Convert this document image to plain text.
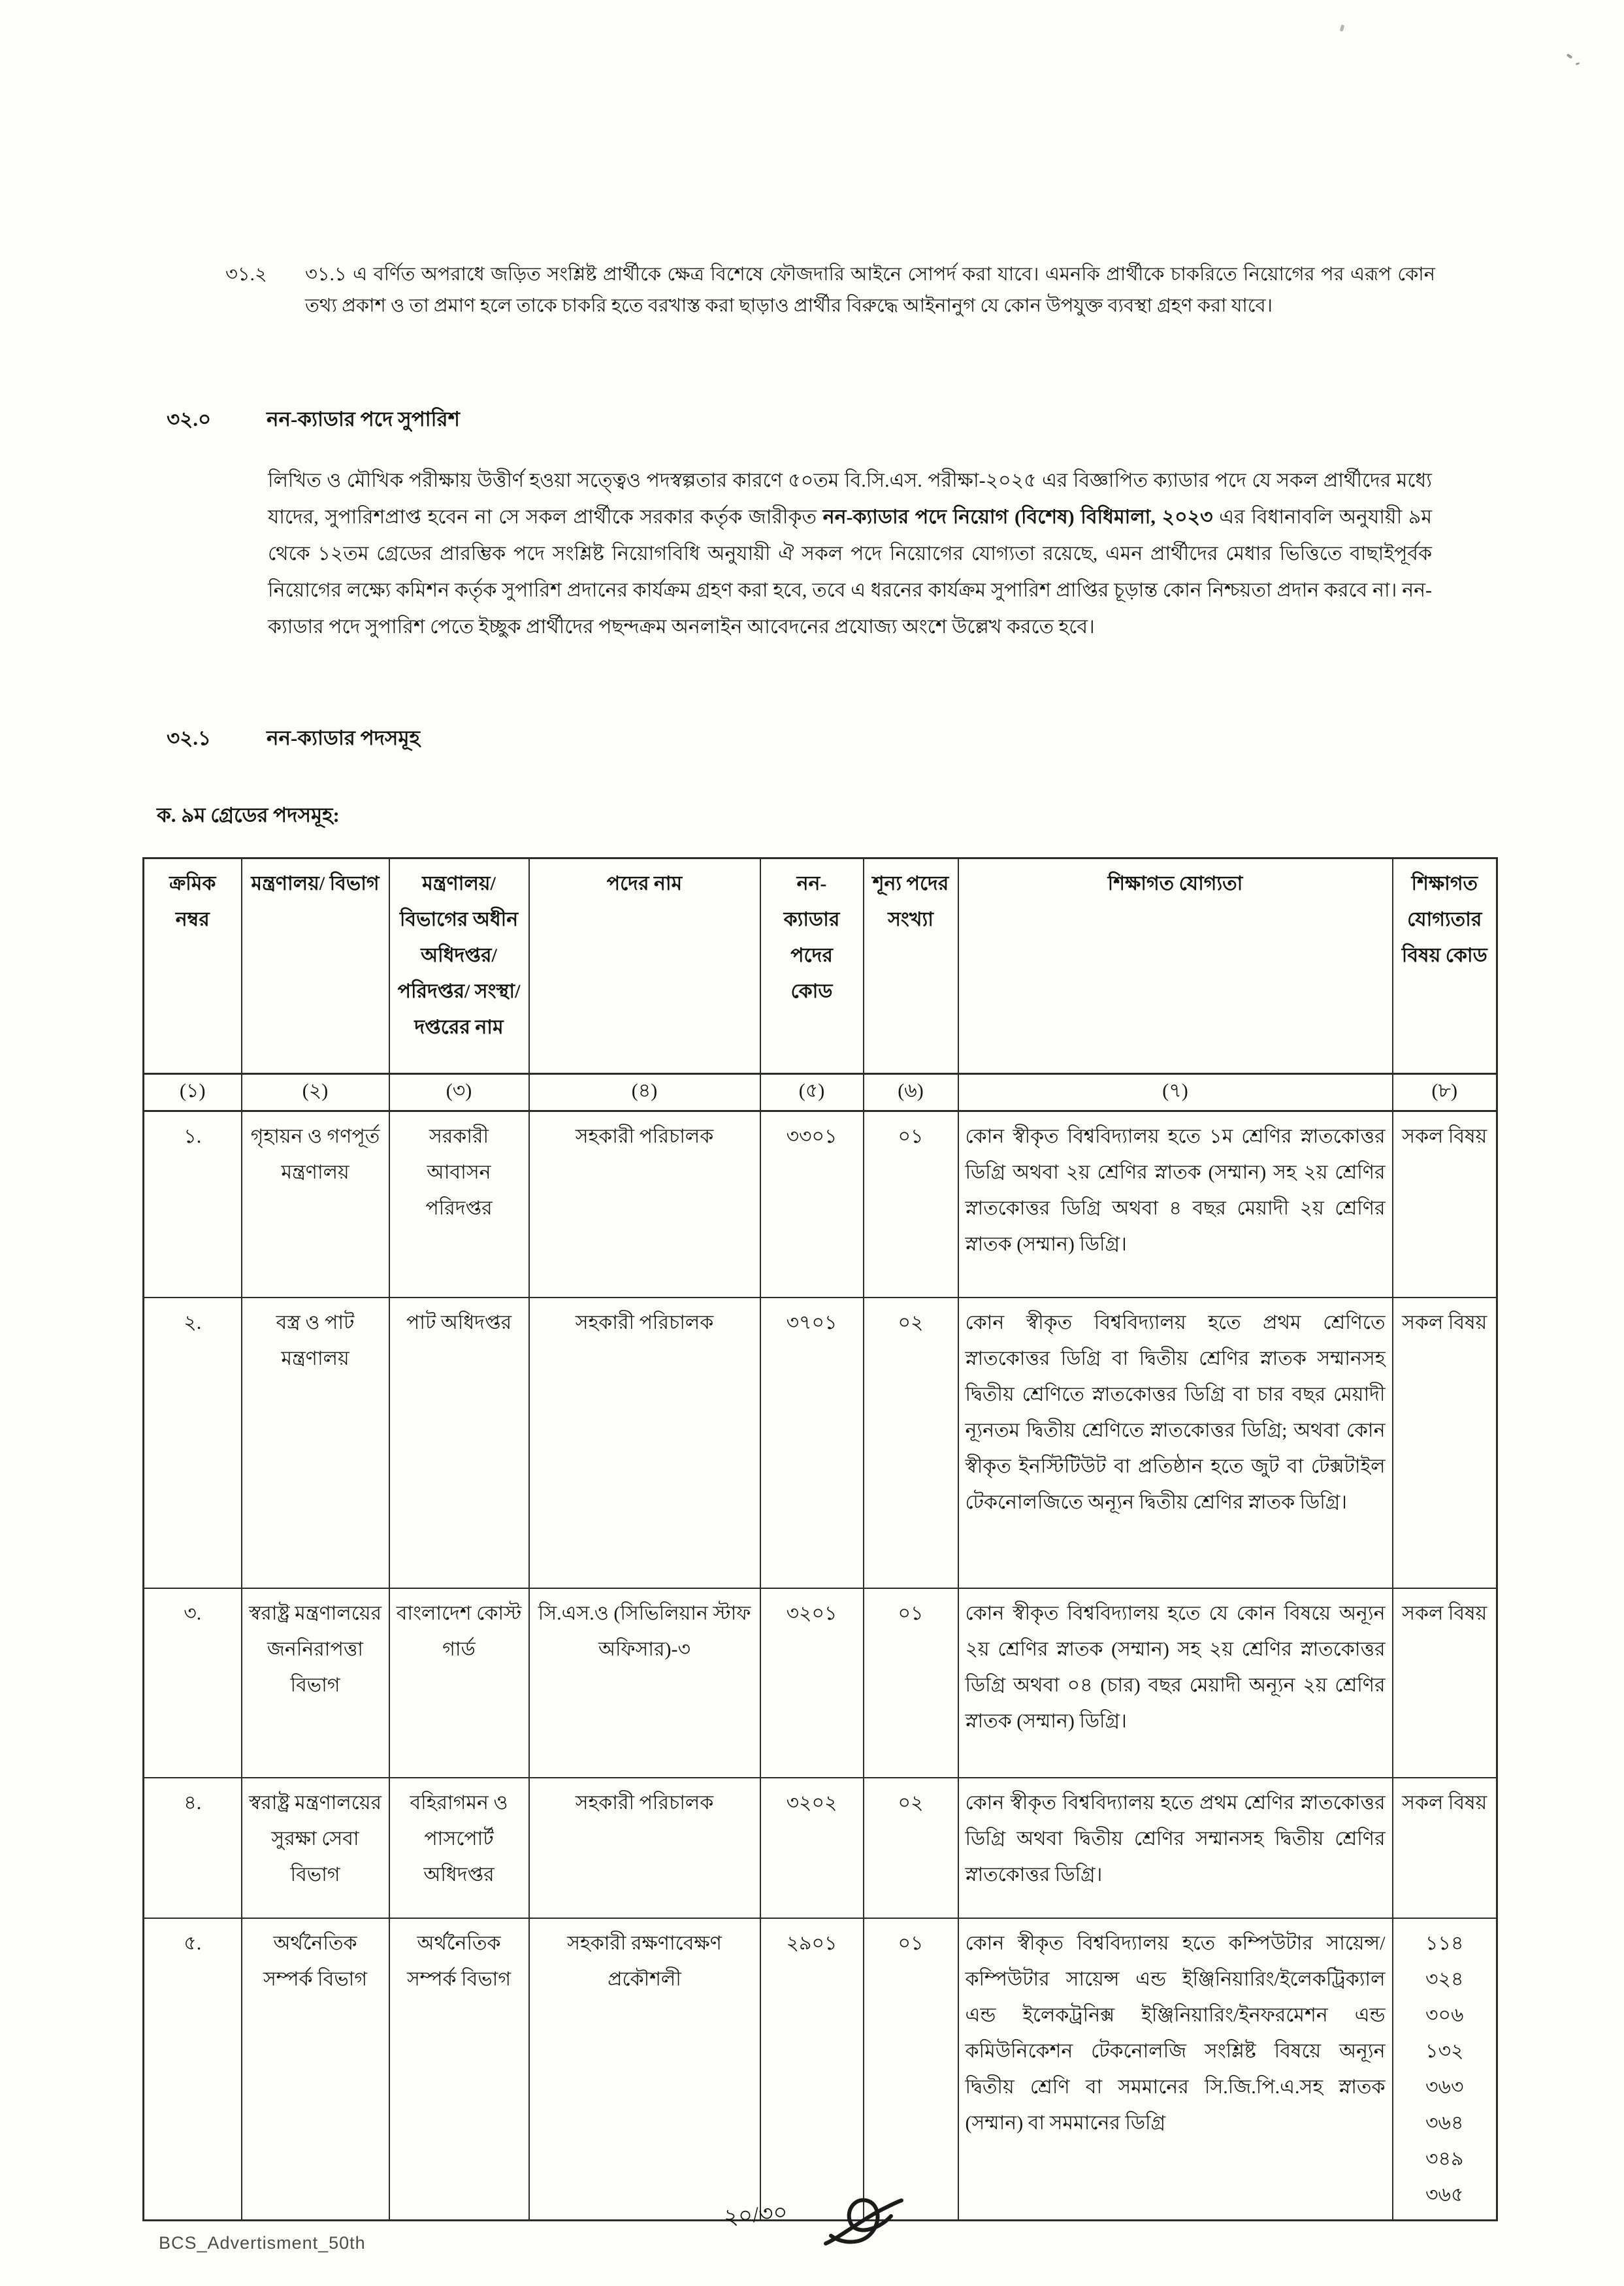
৩১.২	৩১.১ এ বর্ণিত অপরাধে জড়িত সংশ্লিষ্ট প্রার্থীকে ক্ষেত্র বিশেষে ফৌজদারি আইনে সোপর্দ করা যাবে। এমনকি প্রার্থীকে চাকরিতে নিয়োগের পর এরূপ কোন তথ্য প্রকাশ ও তা প্রমাণ হলে তাকে চাকরি হতে বরখাস্ত করা ছাড়াও প্রার্থীর বিরুদ্ধে আইনানুগ যে কোন উপযুক্ত ব্যবস্থা গ্রহণ করা যাবে।

৩২.০	নন-ক্যাডার পদে সুপারিশ

লিখিত ও মৌখিক পরীক্ষায় উত্তীর্ণ হওয়া সত্ত্বেও পদস্বল্পতার কারণে ৫০তম বি.সি.এস. পরীক্ষা-২০২৫ এর বিজ্ঞাপিত ক্যাডার পদে যে সকল প্রার্থীদের মধ্যে যাদের, সুপারিশপ্রাপ্ত হবেন না সে সকল প্রার্থীকে সরকার কর্তৃক জারীকৃত নন-ক্যাডার পদে নিয়োগ (বিশেষ) বিধিমালা, ২০২৩ এর বিধানাবলি অনুযায়ী ৯ম থেকে ১২তম গ্রেডের প্রারম্ভিক পদে সংশ্লিষ্ট নিয়োগবিধি অনুযায়ী ঐ সকল পদে নিয়োগের যোগ্যতা রয়েছে, এমন প্রার্থীদের মেধার ভিত্তিতে বাছাইপূর্বক নিয়োগের লক্ষ্যে কমিশন কর্তৃক সুপারিশ প্রদানের কার্যক্রম গ্রহণ করা হবে, তবে এ ধরনের কার্যক্রম সুপারিশ প্রাপ্তির চূড়ান্ত কোন নিশ্চয়তা প্রদান করবে না। নন-ক্যাডার পদে সুপারিশ পেতে ইচ্ছুক প্রার্থীদের পছন্দক্রম অনলাইন আবেদনের প্রযোজ্য অংশে উল্লেখ করতে হবে।

৩২.১	নন-ক্যাডার পদসমূহ
ক. ৯ম গ্রেডের পদসমূহ:
ক্রমিক নম্বর	মন্ত্রণালয়/ বিভাগ	মন্ত্রণালয়/ বিভাগের অধীন অধিদপ্তর/ পরিদপ্তর/ সংস্থা/ দপ্তরের নাম	পদের নাম	নন- ক্যাডার পদের কোড	শূন্য পদের সংখ্যা	শিক্ষাগত যোগ্যতা	শিক্ষাগত যোগ্যতার বিষয় কোড
(১)	(২)	(৩)	(৪)	(৫)	(৬)	(৭)	(৮)
১.	গৃহায়ন ও গণপূর্ত মন্ত্রণালয়	সরকারী আবাসন পরিদপ্তর	সহকারী পরিচালক	৩৩০১	০১	কোন স্বীকৃত বিশ্ববিদ্যালয় হতে ১ম শ্রেণির স্নাতকোত্তর ডিগ্রি অথবা ২য় শ্রেণির স্নাতক (সম্মান) সহ ২য় শ্রেণির স্নাতকোত্তর ডিগ্রি অথবা ৪ বছর মেয়াদী ২য় শ্রেণির স্নাতক (সম্মান) ডিগ্রি।	সকল বিষয়
২.	বস্ত্র ও পাট মন্ত্রণালয়	পাট অধিদপ্তর	সহকারী পরিচালক	৩৭০১	০২	কোন স্বীকৃত বিশ্ববিদ্যালয় হতে প্রথম শ্রেণিতে স্নাতকোত্তর ডিগ্রি বা দ্বিতীয় শ্রেণির স্নাতক সম্মানসহ দ্বিতীয় শ্রেণিতে স্নাতকোত্তর ডিগ্রি বা চার বছর মেয়াদী ন্যূনতম দ্বিতীয় শ্রেণিতে স্নাতকোত্তর ডিগ্রি; অথবা কোন স্বীকৃত ইনস্টিটিউট বা প্রতিষ্ঠান হতে জুট বা টেক্সটাইল টেকনোলজিতে অন্যূন দ্বিতীয় শ্রেণির স্নাতক ডিগ্রি।	সকল বিষয়
৩.	স্বরাষ্ট্র মন্ত্রণালয়ের জননিরাপত্তা বিভাগ	বাংলাদেশ কোস্ট গার্ড	সি.এস.ও (সিভিলিয়ান স্টাফ অফিসার)-৩	৩২০১	০১	কোন স্বীকৃত বিশ্ববিদ্যালয় হতে যে কোন বিষয়ে অন্যূন ২য় শ্রেণির স্নাতক (সম্মান) সহ ২য় শ্রেণির স্নাতকোত্তর ডিগ্রি অথবা ০৪ (চার) বছর মেয়াদী অন্যূন ২য় শ্রেণির স্নাতক (সম্মান) ডিগ্রি।	সকল বিষয়
৪.	স্বরাষ্ট্র মন্ত্রণালয়ের সুরক্ষা সেবা বিভাগ	বহিরাগমন ও পাসপোর্ট অধিদপ্তর	সহকারী পরিচালক	৩২০২	০২	কোন স্বীকৃত বিশ্ববিদ্যালয় হতে প্রথম শ্রেণির স্নাতকোত্তর ডিগ্রি অথবা দ্বিতীয় শ্রেণির সম্মানসহ দ্বিতীয় শ্রেণির স্নাতকোত্তর ডিগ্রি।	সকল বিষয়
৫.	অর্থনৈতিক সম্পর্ক বিভাগ	অর্থনৈতিক সম্পর্ক বিভাগ	সহকারী রক্ষণাবেক্ষণ প্রকৌশলী	২৯০১	০১	কোন স্বীকৃত বিশ্ববিদ্যালয় হতে কম্পিউটার সায়েন্স/কম্পিউটার সায়েন্স এন্ড ইঞ্জিনিয়ারিং/ইলেকট্রিক্যাল এন্ড ইলেকট্রনিক্স ইঞ্জিনিয়ারিং/ইনফরমেশন এন্ড কমিউনিকেশন টেকনোলজি সংশ্লিষ্ট বিষয়ে অন্যূন দ্বিতীয় শ্রেণি বা সমমানের সি.জি.পি.এ.সহ স্নাতক (সম্মান) বা সমমানের ডিগ্রি	১১৪
৩২৪
৩০৬
১৩২
৩৬৩
৩৬৪
৩৪৯
৩৬৫
২০/৩০
BCS_Advertisment_50th
